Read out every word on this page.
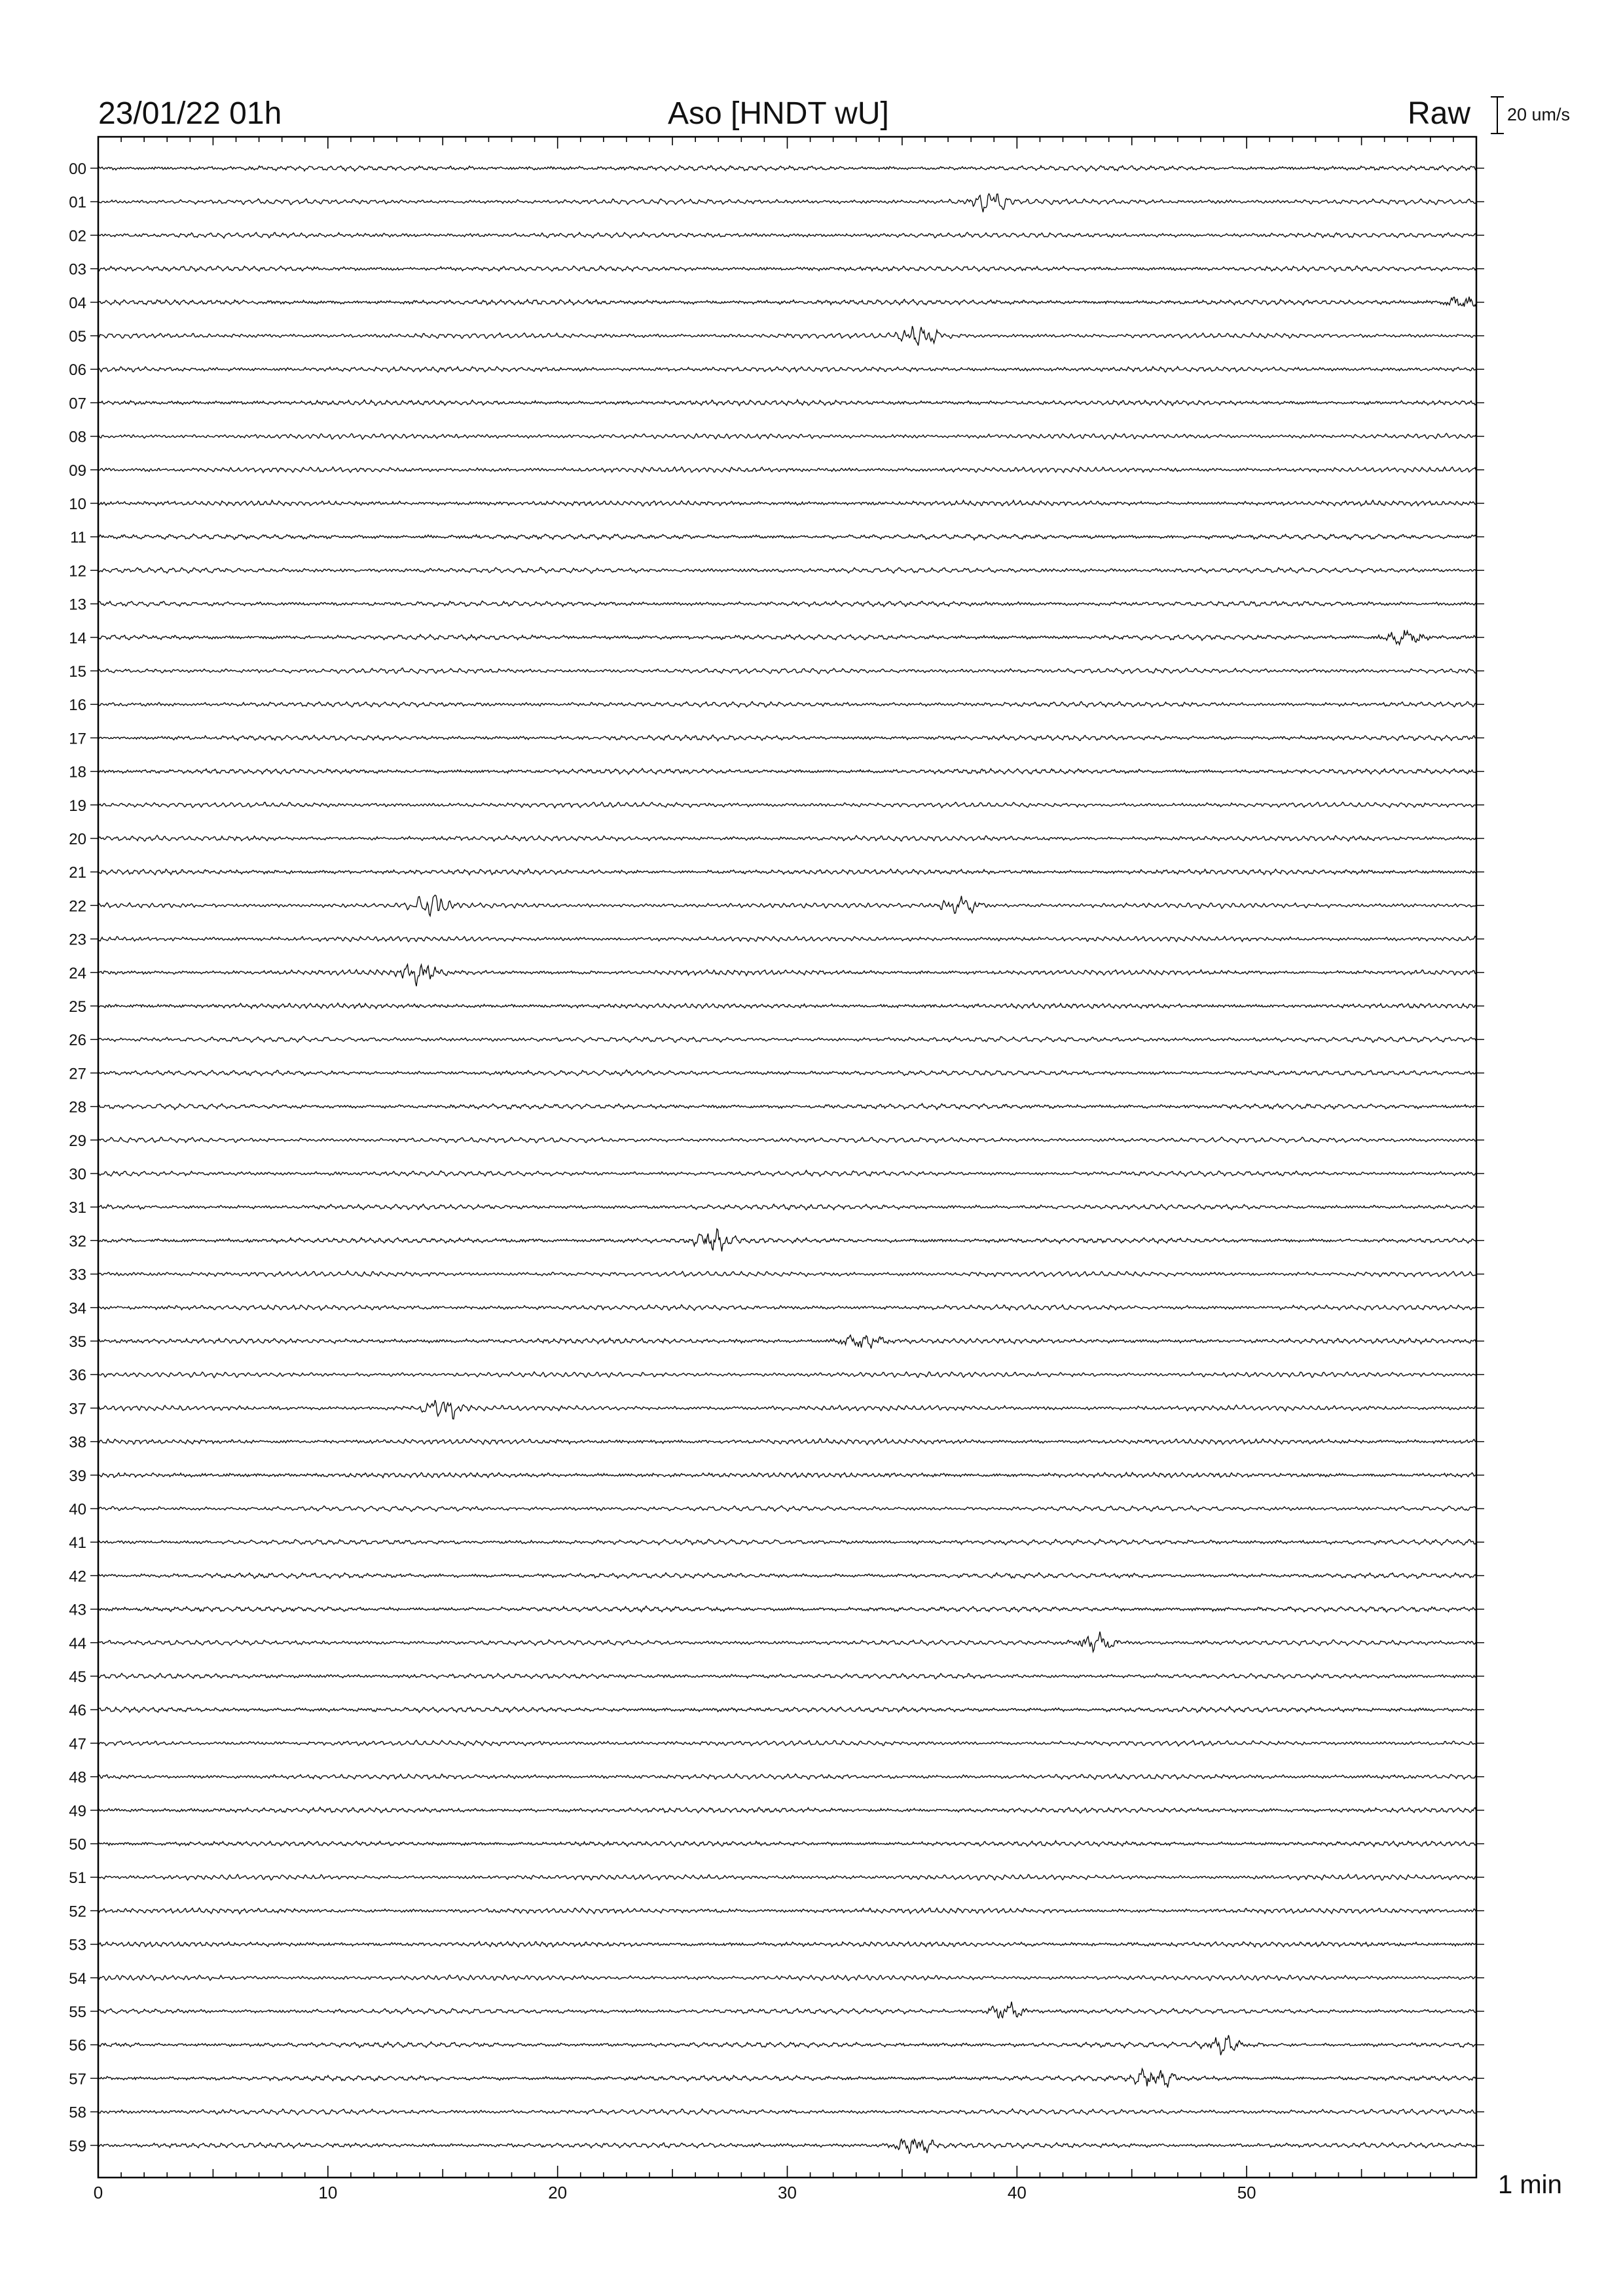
00
01
02
03
04
05
06
07
08
09
10
11
12
13
14
15
16
17
18
19
20
21
22
23
24
25
26
27
28
29
30
31
32
33
34
35
36
37
38
39
40
41
42
43
44
45
46
47
48
49
50
51
52
53
54
55
56
57
58
59
0	10	20	30	40	50
23/01/22 01h	Aso [HNDT wU]	Raw 20 um/s
1 min
